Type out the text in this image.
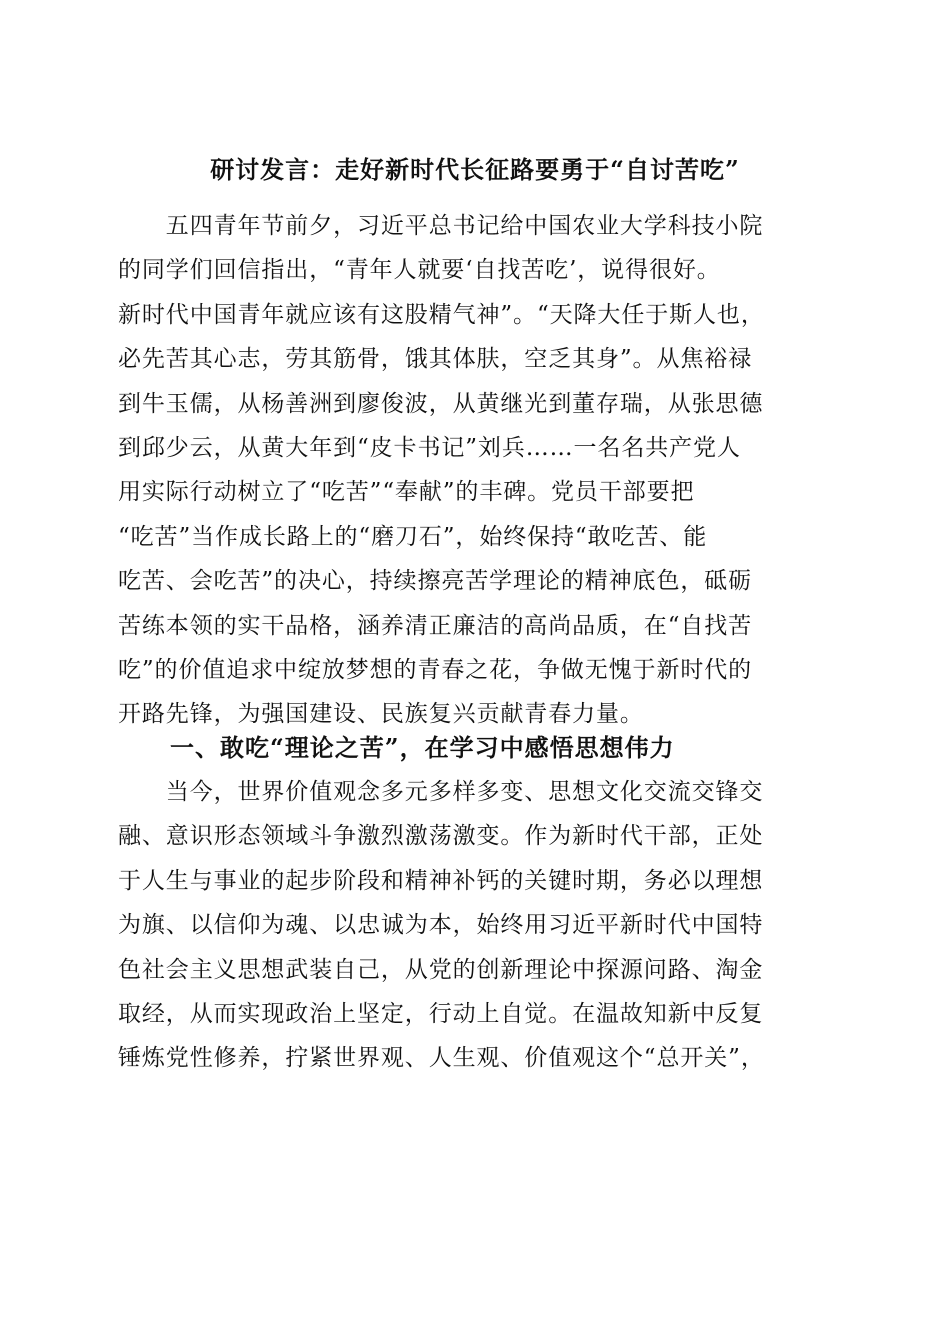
研讨发言：走好新时代长征路要勇于“自讨苦吃”
　　五四青年节前夕，习近平总书记给中国农业大学科技小院
的同学们回信指出，“青年人就要‘自找苦吃’，说得很好。
新时代中国青年就应该有这股精气神”。“天降大任于斯人也，
必先苦其心志，劳其筋骨，饿其体肤，空乏其身”。从焦裕禄
到牛玉儒，从杨善洲到廖俊波，从黄继光到董存瑞，从张思德
到邱少云，从黄大年到“皮卡书记”刘兵……一名名共产党人
用实际行动树立了“吃苦”“奉献”的丰碑。党员干部要把
“吃苦”当作成长路上的“磨刀石”，始终保持“敢吃苦、能
吃苦、会吃苦”的决心，持续擦亮苦学理论的精神底色，砥砺
苦练本领的实干品格，涵养清正廉洁的高尚品质，在“自找苦
吃”的价值追求中绽放梦想的青春之花，争做无愧于新时代的
开路先锋，为强国建设、民族复兴贡献青春力量。
一、敢吃“理论之苦”，在学习中感悟思想伟力
　　当今，世界价值观念多元多样多变、思想文化交流交锋交
融、意识形态领域斗争激烈激荡激变。作为新时代干部，正处
于人生与事业的起步阶段和精神补钙的关键时期，务必以理想
为旗、以信仰为魂、以忠诚为本，始终用习近平新时代中国特
色社会主义思想武装自己，从党的创新理论中探源问路、淘金
取经，从而实现政治上坚定，行动上自觉。在温故知新中反复
锤炼党性修养，拧紧世界观、人生观、价值观这个“总开关”，
